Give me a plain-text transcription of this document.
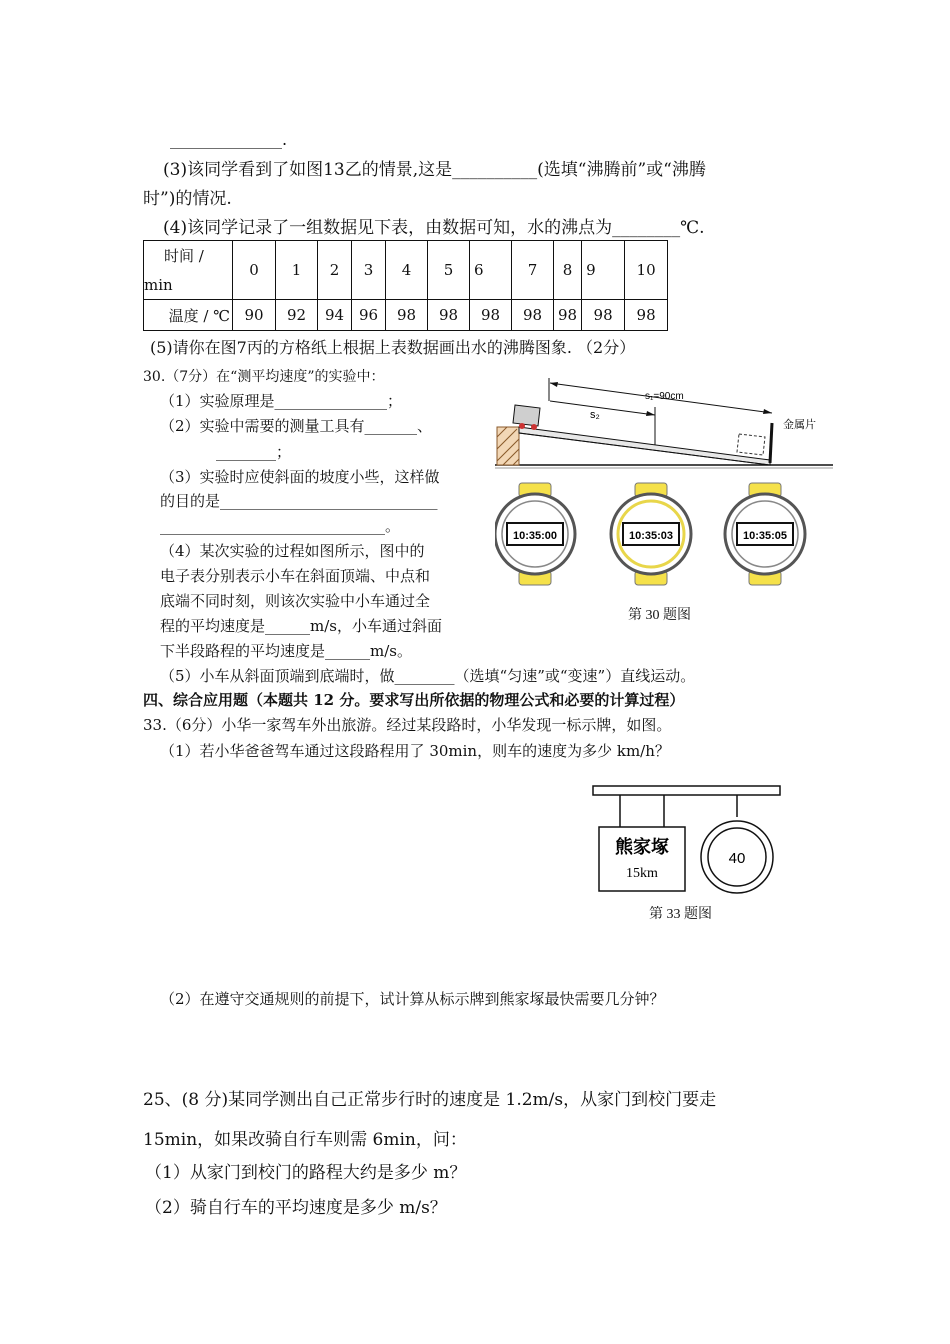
______________.
(3)该同学看到了如图13乙的情景,这是__________(选填“沸腾前”或“沸腾
时”)的情况.
(4)该同学记录了一组数据见下表，由数据可知，水的沸点为________℃.
时间 /
min	0	1	2	3	4	5	6	7	8	9	10
温度 / ℃	90	92	94	96	98	98	98	98	98	98	98
(5)请你在图7丙的方格纸上根据上表数据画出水的沸腾图象. （2分）
30.（7分）在“测平均速度”的实验中：
（1）实验原理是_______________；
（2）实验中需要的测量工具有_______、
________；
（3）实验时应使斜面的坡度小些，这样做
的目的是_____________________________
______________________________。
（4）某次实验的过程如图所示，图中的
电子表分别表示小车在斜面顶端、中点和
底端不同时刻，则该次实验中小车通过全
程的平均速度是______m/s，小车通过斜面
下半段路程的平均速度是______m/s。
（5）小车从斜面顶端到底端时，做________（选填“匀速”或“变速”）直线运动。
s₁=90cm
s₂
金属片
10:35:00	10:35:03	10:35:05
第 30 题图
四、综合应用题（本题共 12 分。要求写出所依据的物理公式和必要的计算过程）
33.（6分）小华一家驾车外出旅游。经过某段路时，小华发现一标示牌，如图。
（1）若小华爸爸驾车通过这段路程用了 30min，则车的速度为多少 km/h？
熊家塚
15km
40
第 33 题图
（2）在遵守交通规则的前提下，试计算从标示牌到熊家塚最快需要几分钟？
25、(8 分)某同学测出自己正常步行时的速度是 1.2m/s，从家门到校门要走
15min，如果改骑自行车则需 6min，问：
（1）从家门到校门的路程大约是多少 m？
（2）骑自行车的平均速度是多少 m/s？
